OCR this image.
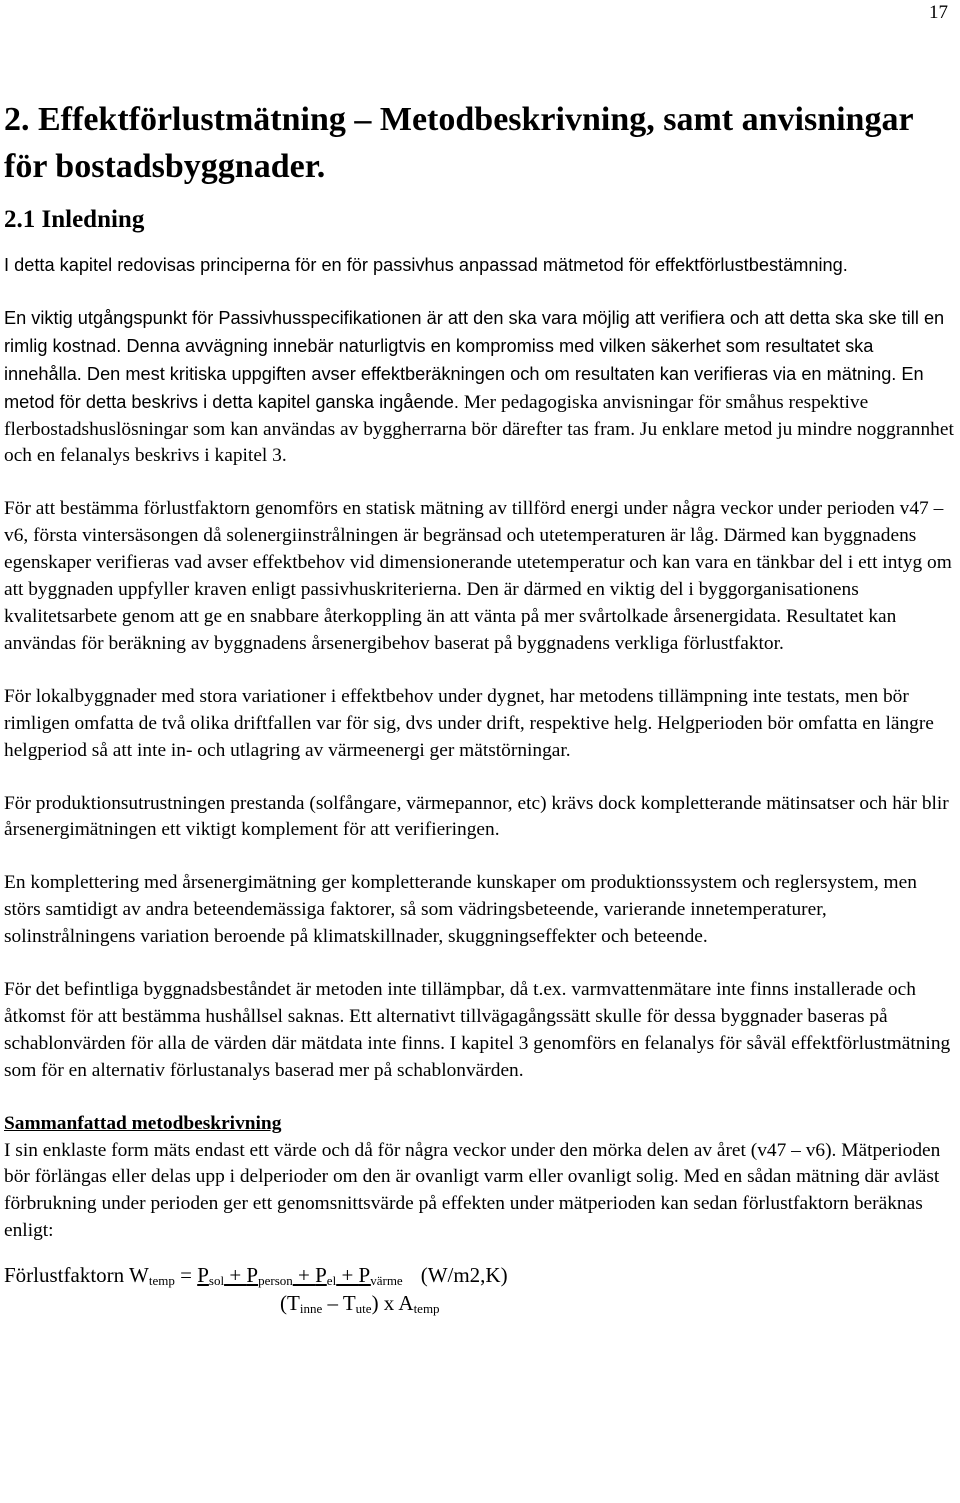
17
2. Effektförlustmätning – Metodbeskrivning, samt anvisningar för bostadsbyggnader.
2.1 Inledning

I detta kapitel redovisas principerna för en för passivhus anpassad mätmetod för effektförlustbestämning.

En viktig utgångspunkt för Passivhusspecifikationen är att den ska vara möjlig att verifiera och att detta ska ske till en rimlig kostnad. Denna avvägning innebär naturligtvis en kompromiss med vilken säkerhet som resultatet ska innehålla. Den mest kritiska uppgiften avser effektberäkningen och om resultaten kan verifieras via en mätning. En metod för detta beskrivs i detta kapitel ganska ingående. Mer pedagogiska anvisningar för småhus respektive flerbostadshuslösningar som kan användas av byggherrarna bör därefter tas fram. Ju enklare metod ju mindre noggrannhet och en felanalys beskrivs i kapitel 3.

För att bestämma förlustfaktorn genomförs en statisk mätning av tillförd energi under några veckor under perioden v47 – v6, första vintersäsongen då solenergiinstrålningen är begränsad och utetemperaturen är låg. Därmed kan byggnadens egenskaper verifieras vad avser effektbehov vid dimensionerande utetemperatur och kan vara en tänkbar del i ett intyg om att byggnaden uppfyller kraven enligt passivhuskriterierna. Den är därmed en viktig del i byggorganisationens kvalitetsarbete genom att ge en snabbare återkoppling än att vänta på mer svårtolkade årsenergidata. Resultatet kan användas för beräkning av byggnadens årsenergibehov baserat på byggnadens verkliga förlustfaktor.

För lokalbyggnader med stora variationer i effektbehov under dygnet, har metodens tillämpning inte testats, men bör rimligen omfatta de två olika driftfallen var för sig, dvs under drift, respektive helg. Helgperioden bör omfatta en längre helgperiod så att inte in- och utlagring av värmeenergi ger mätstörningar.

För produktionsutrustningen prestanda (solfångare, värmepannor, etc) krävs dock kompletterande mätinsatser och här blir årsenergimätningen ett viktigt komplement för att verifieringen.

En komplettering med årsenergimätning ger kompletterande kunskaper om produktionssystem och reglersystem, men störs samtidigt av andra beteendemässiga faktorer, så som vädringsbeteende, varierande innetemperaturer, solinstrålningens variation beroende på klimatskillnader, skuggningseffekter och beteende.

För det befintliga byggnadsbeståndet är metoden inte tillämpbar, då t.ex. varmvattenmätare inte finns installerade och åtkomst för att bestämma hushållsel saknas. Ett alternativt tillvägagångssätt skulle för dessa byggnader baseras på schablonvärden för alla de värden där mätdata inte finns. I kapitel 3 genomförs en felanalys för såväl effektförlustmätning som för en alternativ förlustanalys baserad mer på schablonvärden.

Sammanfattad metodbeskrivning

I sin enklaste form mäts endast ett värde och då för några veckor under den mörka delen av året (v47 – v6). Mätperioden bör förlängas eller delas upp i delperioder om den är ovanligt varm eller ovanligt solig. Med en sådan mätning där avläst förbrukning under perioden ger ett genomsnittsvärde på effekten under mätperioden kan sedan förlustfaktorn beräknas enligt:

Förlustfaktorn $W_{temp} = P_{sol} + P_{person} + P_{el} + P_{värme}$ (W/m2,K)
$(T_{inne} - T_{ute})$ x $A_{temp}$
